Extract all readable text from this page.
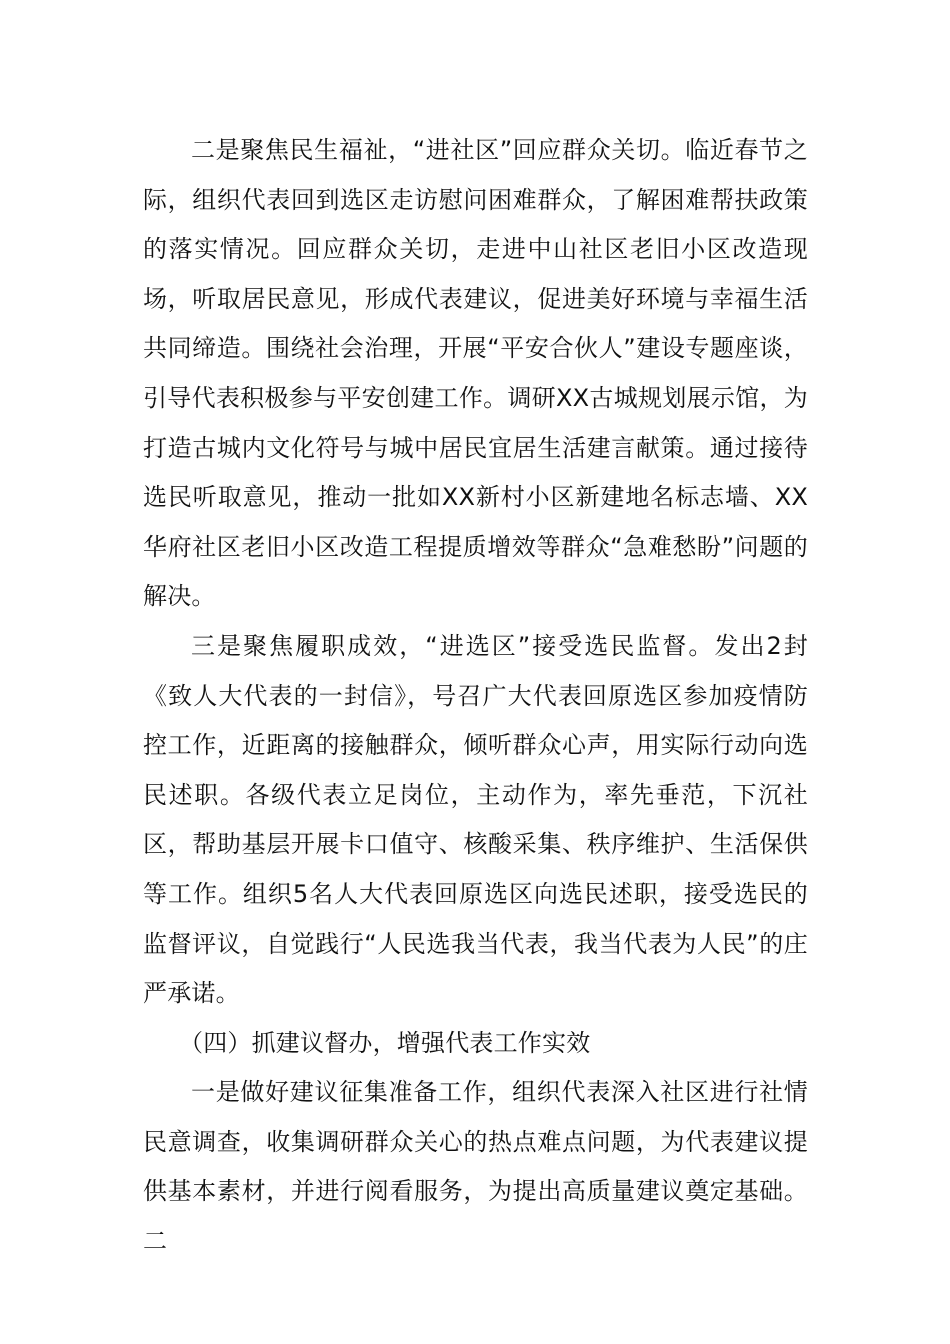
二是聚焦民生福祉，“进社区”回应群众关切。临近春节之际，组织代表回到选区走访慰问困难群众，了解困难帮扶政策的落实情况。回应群众关切，走进中山社区老旧小区改造现场，听取居民意见，形成代表建议，促进美好环境与幸福生活共同缔造。围绕社会治理，开展“平安合伙人”建设专题座谈，引导代表积极参与平安创建工作。调研XX古城规划展示馆，为打造古城内文化符号与城中居民宜居生活建言献策。通过接待选民听取意见，推动一批如XX新村小区新建地名标志墙、XX华府社区老旧小区改造工程提质增效等群众“急难愁盼”问题的解决。

三是聚焦履职成效，“进选区”接受选民监督。发出2封《致人大代表的一封信》，号召广大代表回原选区参加疫情防控工作，近距离的接触群众，倾听群众心声，用实际行动向选民述职。各级代表立足岗位，主动作为，率先垂范，下沉社区，帮助基层开展卡口值守、核酸采集、秩序维护、生活保供等工作。组织5名人大代表回原选区向选民述职，接受选民的监督评议，自觉践行“人民选我当代表，我当代表为人民”的庄严承诺。

（四）抓建议督办，增强代表工作实效

一是做好建议征集准备工作，组织代表深入社区进行社情民意调查，收集调研群众关心的热点难点问题，为代表建议提供基本素材，并进行阅看服务，为提出高质量建议奠定基础。二
